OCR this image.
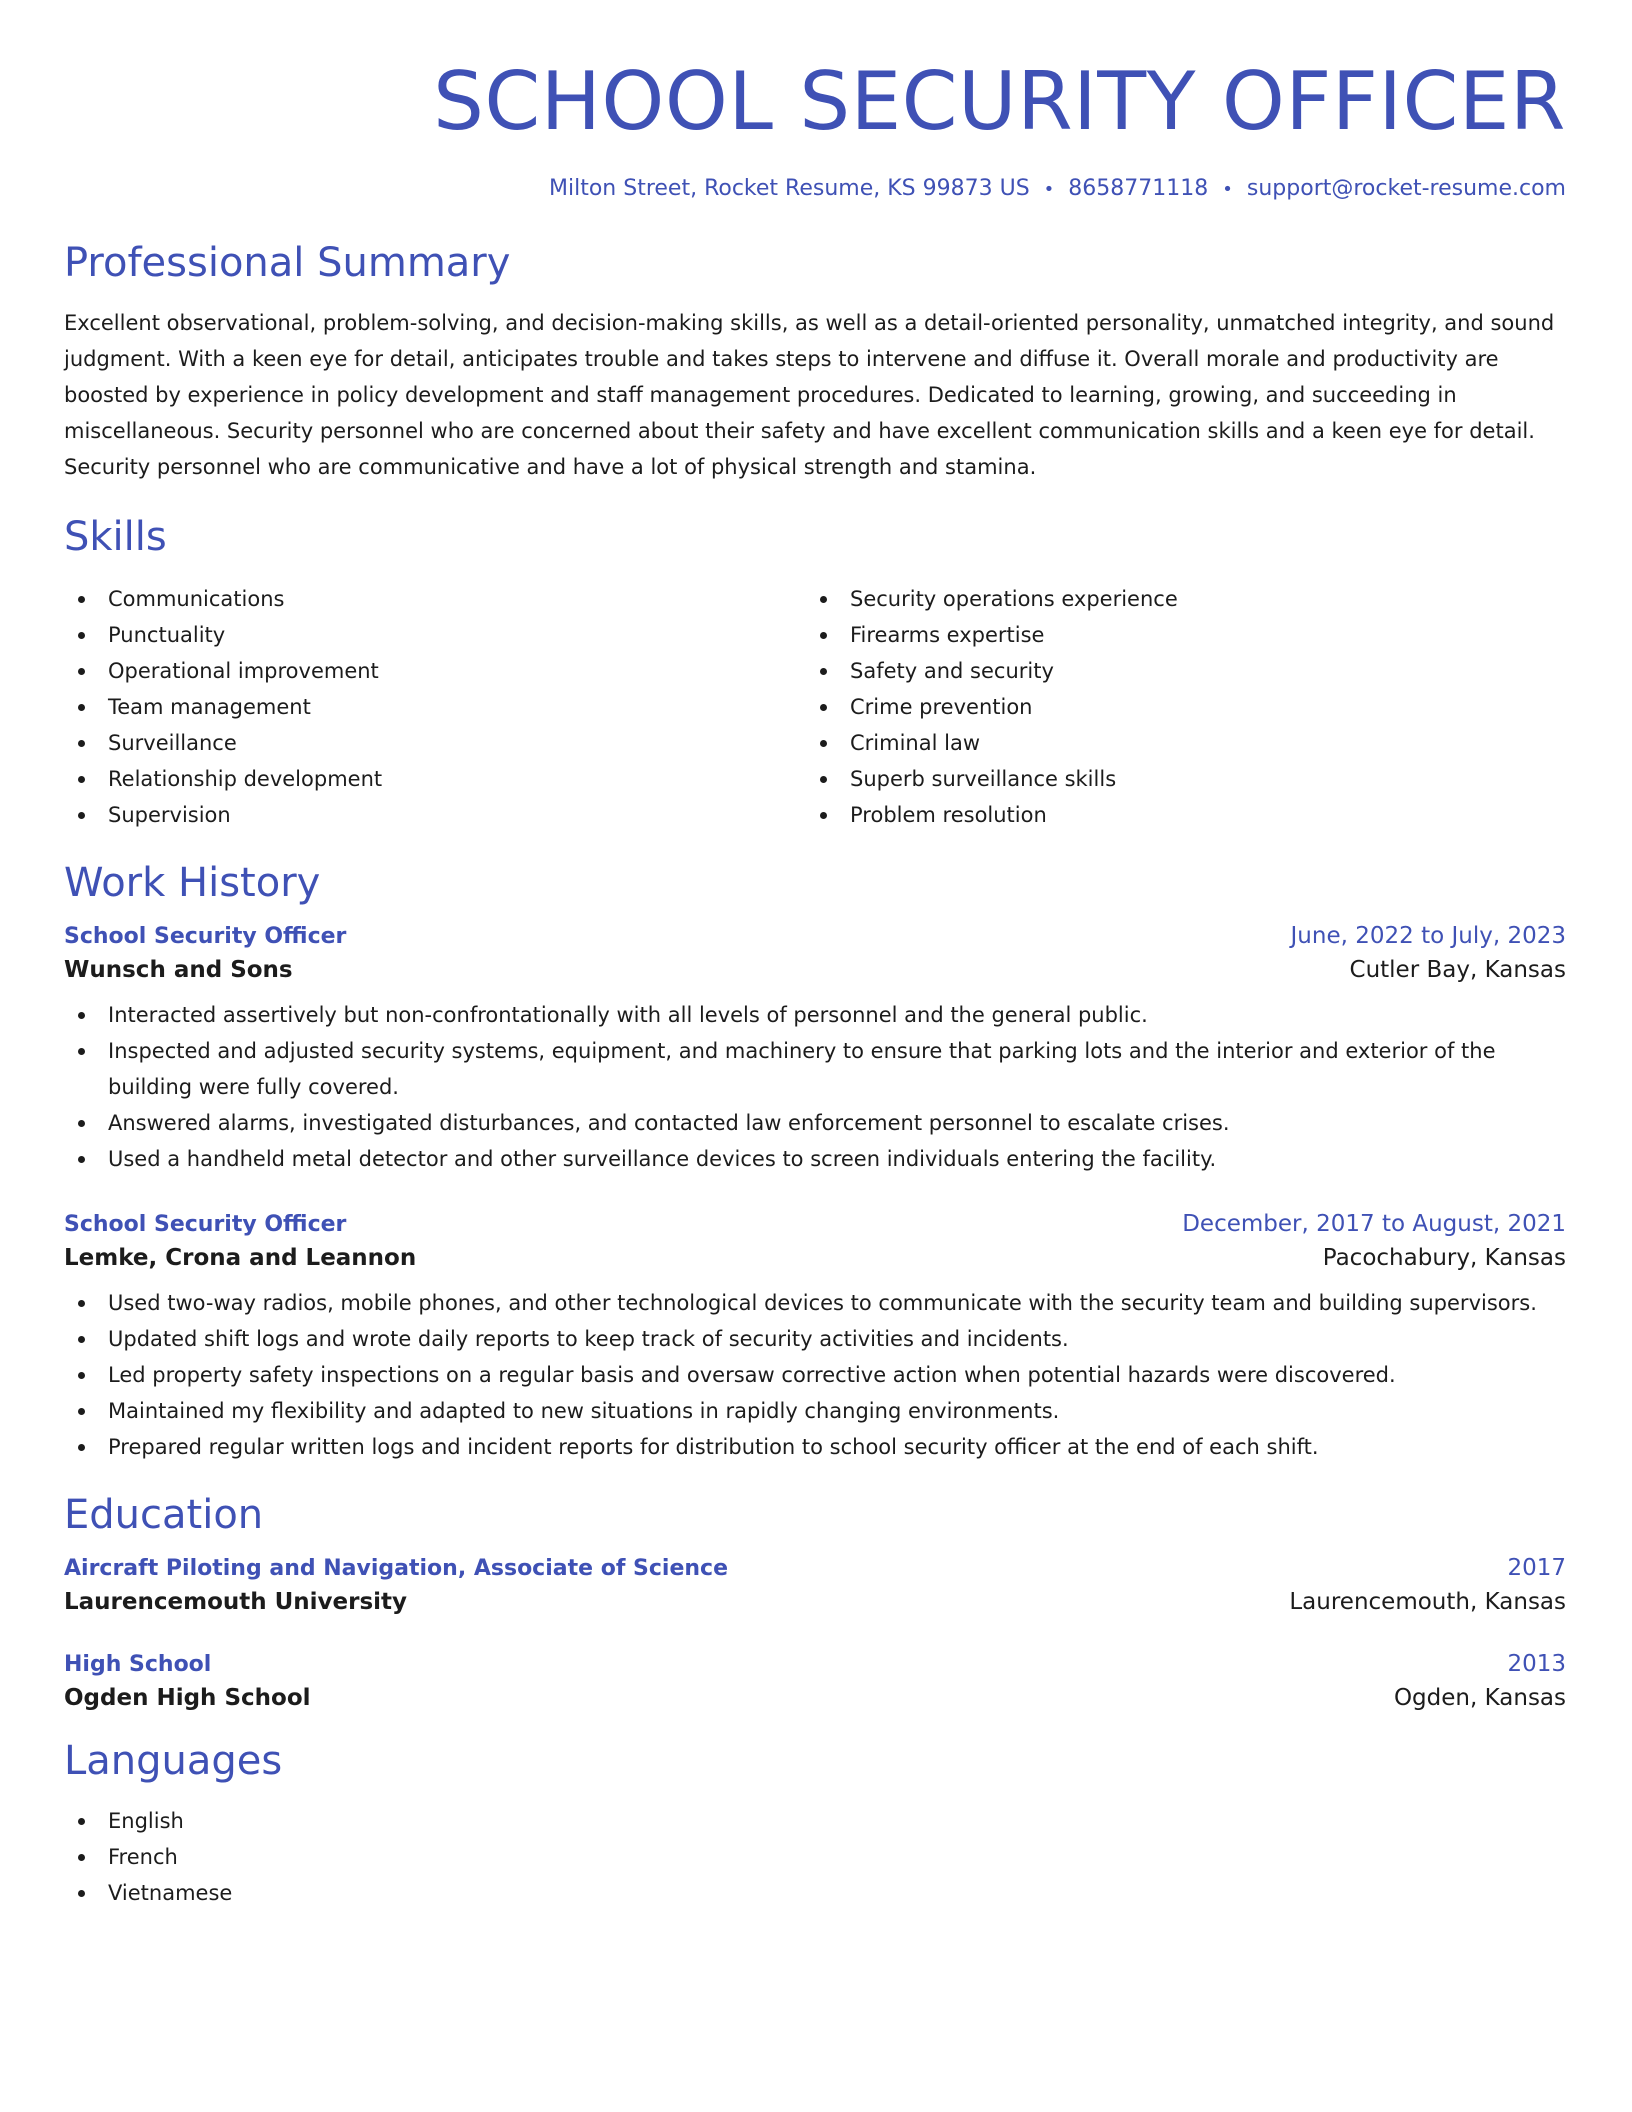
SCHOOL SECURITY OFFICER
Milton Street, Rocket Resume, KS 99873 US • 8658771118 • support@rocket-resume.com
Professional Summary

Excellent observational, problem-solving, and decision-making skills, as well as a detail-oriented personality, unmatched integrity, and sound judgment. With a keen eye for detail, anticipates trouble and takes steps to intervene and diffuse it. Overall morale and productivity are boosted by experience in policy development and staff management procedures. Dedicated to learning, growing, and succeeding in miscellaneous. Security personnel who are concerned about their safety and have excellent communication skills and a keen eye for detail. Security personnel who are communicative and have a lot of physical strength and stamina.

Skills
Communications
Punctuality
Operational improvement
Team management
Surveillance
Relationship development
Supervision
Security operations experience
Firearms expertise
Safety and security
Crime prevention
Criminal law
Superb surveillance skills
Problem resolution
Work History
School Security Officer	June, 2022 to July, 2023
Wunsch and Sons	Cutler Bay, Kansas
Interacted assertively but non-confrontationally with all levels of personnel and the general public.
Inspected and adjusted security systems, equipment, and machinery to ensure that parking lots and the interior and exterior of the building were fully covered.
Answered alarms, investigated disturbances, and contacted law enforcement personnel to escalate crises.
Used a handheld metal detector and other surveillance devices to screen individuals entering the facility.
School Security Officer	December, 2017 to August, 2021
Lemke, Crona and Leannon	Pacochabury, Kansas
Used two-way radios, mobile phones, and other technological devices to communicate with the security team and building supervisors.
Updated shift logs and wrote daily reports to keep track of security activities and incidents.
Led property safety inspections on a regular basis and oversaw corrective action when potential hazards were discovered.
Maintained my flexibility and adapted to new situations in rapidly changing environments.
Prepared regular written logs and incident reports for distribution to school security officer at the end of each shift.
Education
Aircraft Piloting and Navigation, Associate of Science	2017
Laurencemouth University	Laurencemouth, Kansas
High School	2013
Ogden High School	Ogden, Kansas
Languages
English
French
Vietnamese
